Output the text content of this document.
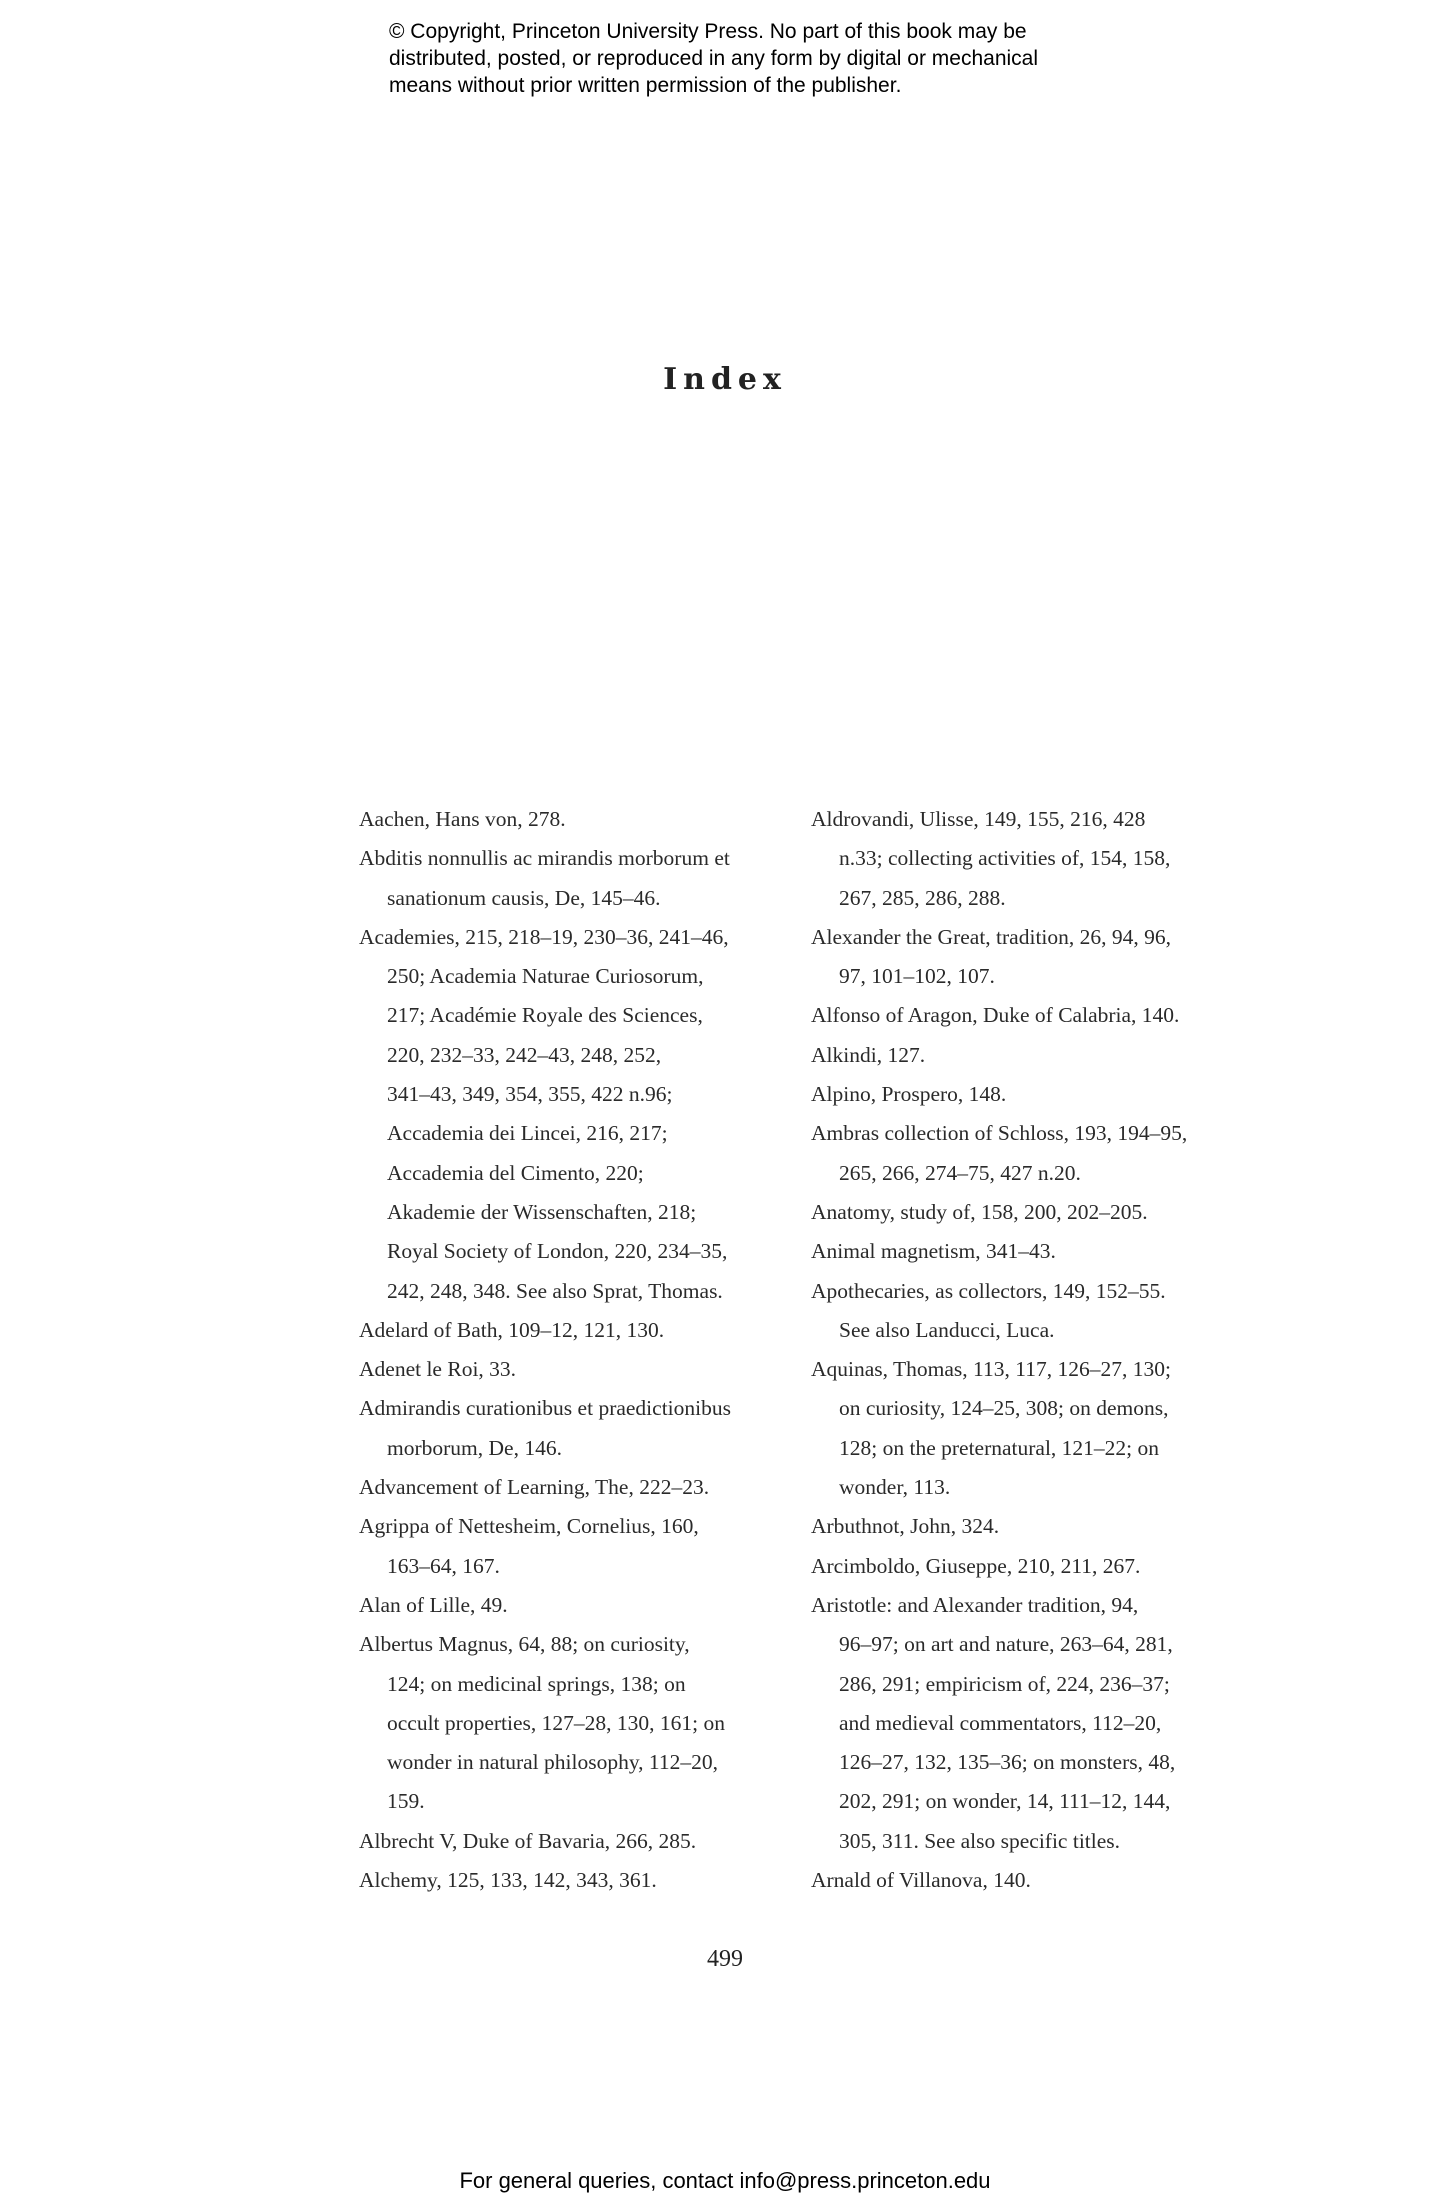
© Copyright, Princeton University Press. No part of this book may be
distributed, posted, or reproduced in any form by digital or mechanical
means without prior written permission of the publisher.
Index
Aachen, Hans von, 278.
Abditis nonnullis ac mirandis morborum et
sanationum causis, De, 145–46.
Academies, 215, 218–19, 230–36, 241–46,
250; Academia Naturae Curiosorum,
217; Académie Royale des Sciences,
220, 232–33, 242–43, 248, 252,
341–43, 349, 354, 355, 422 n.96;
Accademia dei Lincei, 216, 217;
Accademia del Cimento, 220;
Akademie der Wissenschaften, 218;
Royal Society of London, 220, 234–35,
242, 248, 348. See also Sprat, Thomas.
Adelard of Bath, 109–12, 121, 130.
Adenet le Roi, 33.
Admirandis curationibus et praedictionibus
morborum, De, 146.
Advancement of Learning, The, 222–23.
Agrippa of Nettesheim, Cornelius, 160,
163–64, 167.
Alan of Lille, 49.
Albertus Magnus, 64, 88; on curiosity,
124; on medicinal springs, 138; on
occult properties, 127–28, 130, 161; on
wonder in natural philosophy, 112–20,
159.
Albrecht V, Duke of Bavaria, 266, 285.
Alchemy, 125, 133, 142, 343, 361.
Aldrovandi, Ulisse, 149, 155, 216, 428
n.33; collecting activities of, 154, 158,
267, 285, 286, 288.
Alexander the Great, tradition, 26, 94, 96,
97, 101–102, 107.
Alfonso of Aragon, Duke of Calabria, 140.
Alkindi, 127.
Alpino, Prospero, 148.
Ambras collection of Schloss, 193, 194–95,
265, 266, 274–75, 427 n.20.
Anatomy, study of, 158, 200, 202–205.
Animal magnetism, 341–43.
Apothecaries, as collectors, 149, 152–55.
See also Landucci, Luca.
Aquinas, Thomas, 113, 117, 126–27, 130;
on curiosity, 124–25, 308; on demons,
128; on the preternatural, 121–22; on
wonder, 113.
Arbuthnot, John, 324.
Arcimboldo, Giuseppe, 210, 211, 267.
Aristotle: and Alexander tradition, 94,
96–97; on art and nature, 263–64, 281,
286, 291; empiricism of, 224, 236–37;
and medieval commentators, 112–20,
126–27, 132, 135–36; on monsters, 48,
202, 291; on wonder, 14, 111–12, 144,
305, 311. See also specific titles.
Arnald of Villanova, 140.
499
For general queries, contact info@press.princeton.edu
